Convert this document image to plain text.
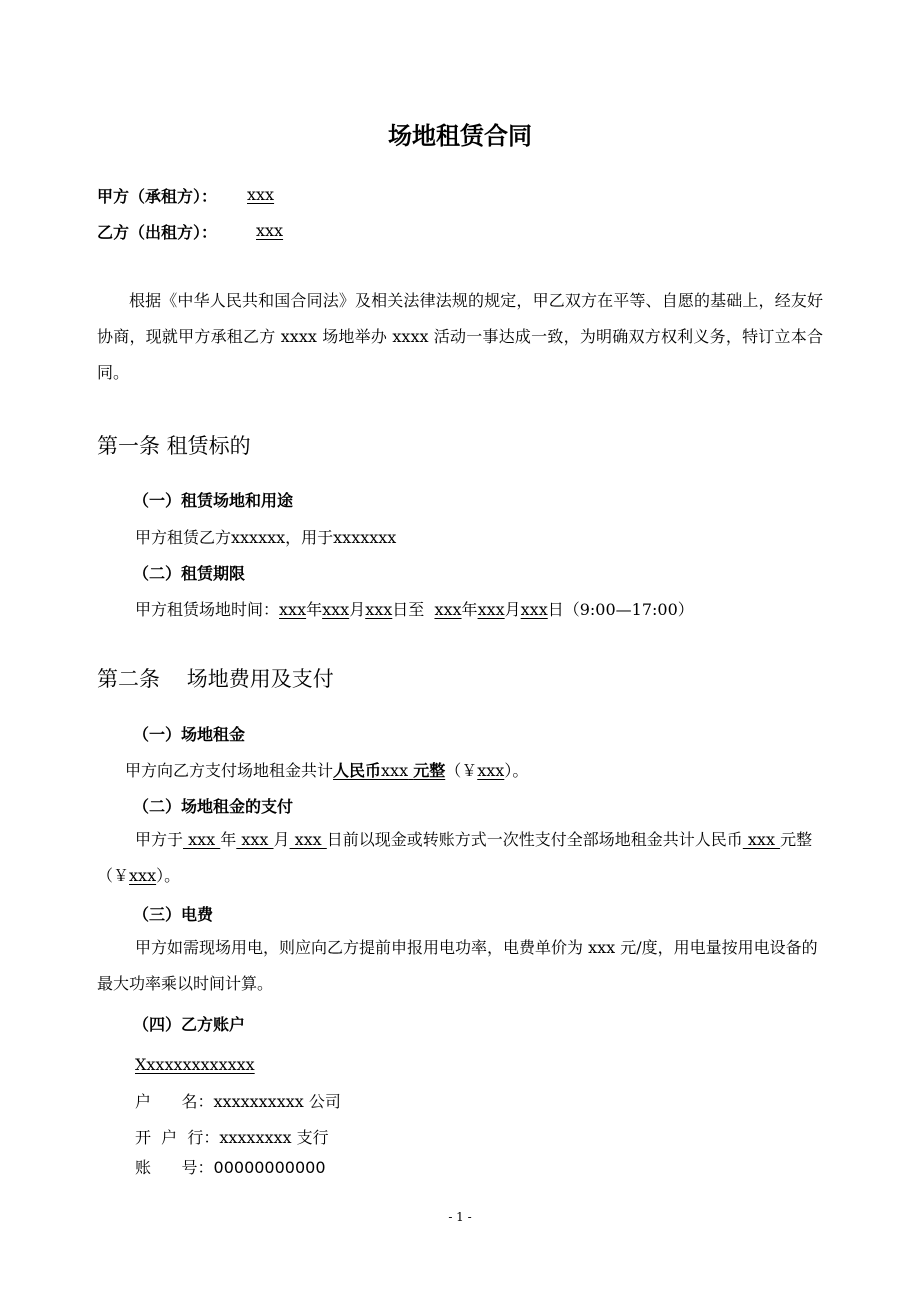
场地租赁合同
甲方（承租方）： xxx
乙方（出租方）： xxx
根据《中华人民共和国合同法》及相关法律法规的规定，甲乙双方在平等、自愿的基础上，经友好协商，现就甲方承租乙方 xxxx 场地举办 xxxx 活动一事达成一致，为明确双方权利义务，特订立本合同。
第一条 租赁标的
（一）租赁场地和用途
甲方租赁乙方xxxxxx，用于xxxxxxx
（二）租赁期限
甲方租赁场地时间：xxx年xxx月xxx日至 xxx年xxx月xxx日（9:00—17:00）
第二条    场地费用及支付
（一）场地租金
甲方向乙方支付场地租金共计人民币xxx 元整（￥xxx）。
（二）场地租金的支付
甲方于 xxx 年 xxx 月 xxx 日前以现金或转账方式一次性支付全部场地租金共计人民币 xxx 元整（￥xxx）。
（三）电费
甲方如需现场用电，则应向乙方提前申报用电功率，电费单价为 xxx 元/度，用电量按用电设备的最大功率乘以时间计算。
（四）乙方账户
Xxxxxxxxxxxxx
户      名：xxxxxxxxxx 公司
开  户  行：xxxxxxxx 支行
账      号：00000000000
- 1 -
